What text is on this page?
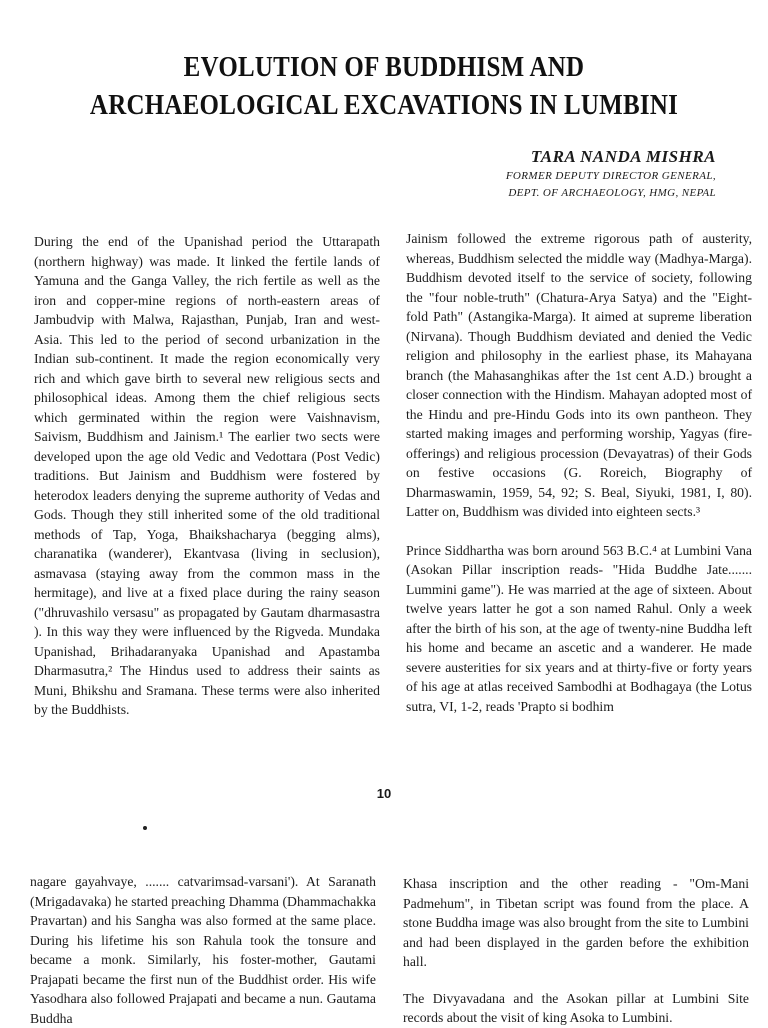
EVOLUTION OF BUDDHISM AND
ARCHAEOLOGICAL EXCAVATIONS IN LUMBINI
TARA NANDA MISHRA
FORMER DEPUTY DIRECTOR GENERAL,
DEPT. OF ARCHAEOLOGY, HMG, NEPAL

During the end of the Upanishad period the Uttarapath (northern highway) was made. It linked the fertile lands of Yamuna and the Ganga Valley, the rich fertile as well as the iron and copper-mine regions of north-eastern areas of Jambudvip with Malwa, Rajasthan, Punjab, Iran and west-Asia. This led to the period of second urbanization in the Indian sub-continent. It made the region economically very rich and which gave birth to several new religious sects and philosophical ideas. Among them the chief religious sects which germinated within the region were Vaishnavism, Saivism, Buddhism and Jainism.¹ The earlier two sects were developed upon the age old Vedic and Vedottara (Post Vedic) traditions. But Jainism and Buddhism were fostered by heterodox leaders denying the supreme authority of Vedas and Gods. Though they still inherited some of the old traditional methods of Tap, Yoga, Bhaikshacharya (begging alms), charanatika (wanderer), Ekantvasa (living in seclusion), asmavasa (staying away from the common mass in the hermitage), and live at a fixed place during the rainy season ("dhruvashilo versasu" as propagated by Gautam dharmasastra ). In this way they were influenced by the Rigveda. Mundaka Upanishad, Brihadaranyaka Upanishad and Apastamba Dharmasutra,² The Hindus used to address their saints as Muni, Bhikshu and Sramana. These terms were also inherited by the Buddhists.

Jainism followed the extreme rigorous path of austerity, whereas, Buddhism selected the middle way (Madhya-Marga). Buddhism devoted itself to the service of society, following the "four noble-truth" (Chatura-Arya Satya) and the "Eight-fold Path" (Astangika-Marga). It aimed at supreme liberation (Nirvana). Though Buddhism deviated and denied the Vedic religion and philosophy in the earliest phase, its Mahayana branch (the Mahasanghikas after the 1st cent A.D.) brought a closer connection with the Hindism. Mahayan adopted most of the Hindu and pre-Hindu Gods into its own pantheon. They started making images and performing worship, Yagyas (fire-offerings) and religious procession (Devayatras) of their Gods on festive occasions (G. Roreich, Biography of Dharmaswamin, 1959, 54, 92; S. Beal, Siyuki, 1981, I, 80). Latter on, Buddhism was divided into eighteen sects.³

Prince Siddhartha was born around 563 B.C.⁴ at Lumbini Vana (Asokan Pillar inscription reads- "Hida Buddhe Jate....... Lummini game"). He was married at the age of sixteen. About twelve years latter he got a son named Rahul. Only a week after the birth of his son, at the age of twenty-nine Buddha left his home and became an ascetic and a wanderer. He made severe austerities for six years and at thirty-five or forty years of his age at atlas received Sambodhi at Bodhagaya (the Lotus sutra, VI, 1-2, reads 'Prapto si bodhim

10

nagare gayahvaye, ....... catvarimsad-varsani'). At Saranath (Mrigadavaka) he started preaching Dhamma (Dhammachakka Pravartan) and his Sangha was also formed at the same place. During his lifetime his son Rahula took the tonsure and became a monk. Similarly, his foster-mother, Gautami Prajapati became the first nun of the Buddhist order. His wife Yasodhara also followed Prajapati and became a nun. Gautama Buddha

Khasa inscription and the other reading - "Om-Mani Padmehum", in Tibetan script was found from the place. A stone Buddha image was also brought from the site to Lumbini and had been displayed in the garden before the exhibition hall.

The Divyavadana and the Asokan pillar at Lumbini Site records about the visit of king Asoka to Lumbini.
